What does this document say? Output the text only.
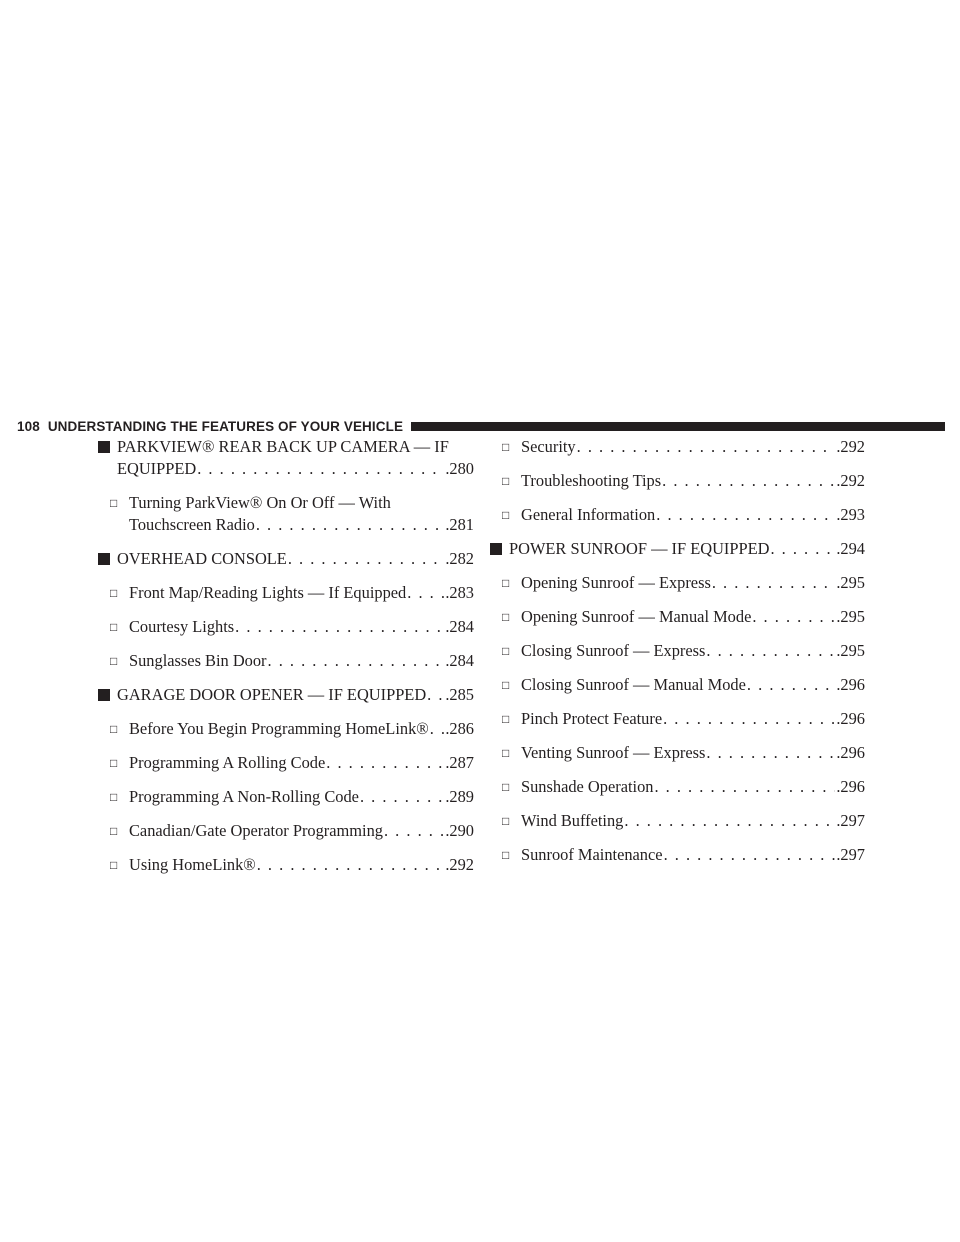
108 UNDERSTANDING THE FEATURES OF YOUR VEHICLE
PARKVIEW® REAR BACK UP CAMERA — IF
EQUIPPED . . .	.280
□ Turning ParkView® On Or Off — With
Touchscreen Radio . . .	.281
OVERHEAD CONSOLE . . .	.282
□ Front Map/Reading Lights — If Equipped . . . .283
□ Courtesy Lights . . .	.284
□ Sunglasses Bin Door . . .	.284
GARAGE DOOR OPENER — IF EQUIPPED . . . .285
□ Before You Begin Programming HomeLink® . . . .286
□ Programming A Rolling Code . . .	.287
□ Programming A Non-Rolling Code . . .	.289
□ Canadian/Gate Operator Programming . . .	.290
□ Using HomeLink® . . .	.292
□ Security . . .	.292
□ Troubleshooting Tips . . .	.292
□ General Information . . .	.293
POWER SUNROOF — IF EQUIPPED . . .	.294
□ Opening Sunroof — Express . . .	.295
□ Opening Sunroof — Manual Mode . . .	.295
□ Closing Sunroof — Express . . .	.295
□ Closing Sunroof — Manual Mode . . .	.296
□ Pinch Protect Feature . . .	.296
□ Venting Sunroof — Express . . .	.296
□ Sunshade Operation . . .	.296
□ Wind Buffeting . . .	.297
□ Sunroof Maintenance . . .	.297
